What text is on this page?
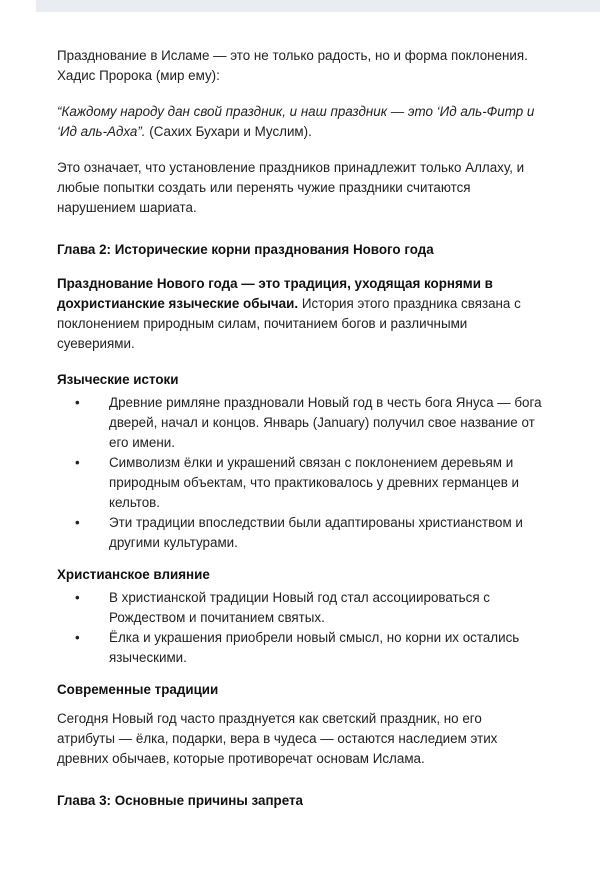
Празднование в Исламе — это не только радость, но и форма поклонения. Хадис Пророка (мир ему):

“Каждому народу дан свой праздник, и наш праздник — это ‘Ид аль-Фитр и ‘Ид аль-Адха”. (Сахих Бухари и Муслим).

Это означает, что установление праздников принадлежит только Аллаху, и любые попытки создать или перенять чужие праздники считаются нарушением шариата.

Глава 2: Исторические корни празднования Нового года

Празднование Нового года — это традиция, уходящая корнями в дохристианские языческие обычаи. История этого праздника связана с поклонением природным силам, почитанием богов и различными суевериями.

Языческие истоки
• Древние римляне праздновали Новый год в честь бога Януса — бога дверей, начал и концов. Январь (January) получил свое название от его имени.
• Символизм ёлки и украшений связан с поклонением деревьям и природным объектам, что практиковалось у древних германцев и кельтов.
• Эти традиции впоследствии были адаптированы христианством и другими культурами.
Христианское влияние
• В христианской традиции Новый год стал ассоциироваться с Рождеством и почитанием святых.
• Ёлка и украшения приобрели новый смысл, но корни их остались языческими.
Современные традиции

Сегодня Новый год часто празднуется как светский праздник, но его атрибуты — ёлка, подарки, вера в чудеса — остаются наследием этих древних обычаев, которые противоречат основам Ислама.

Глава 3: Основные причины запрета
